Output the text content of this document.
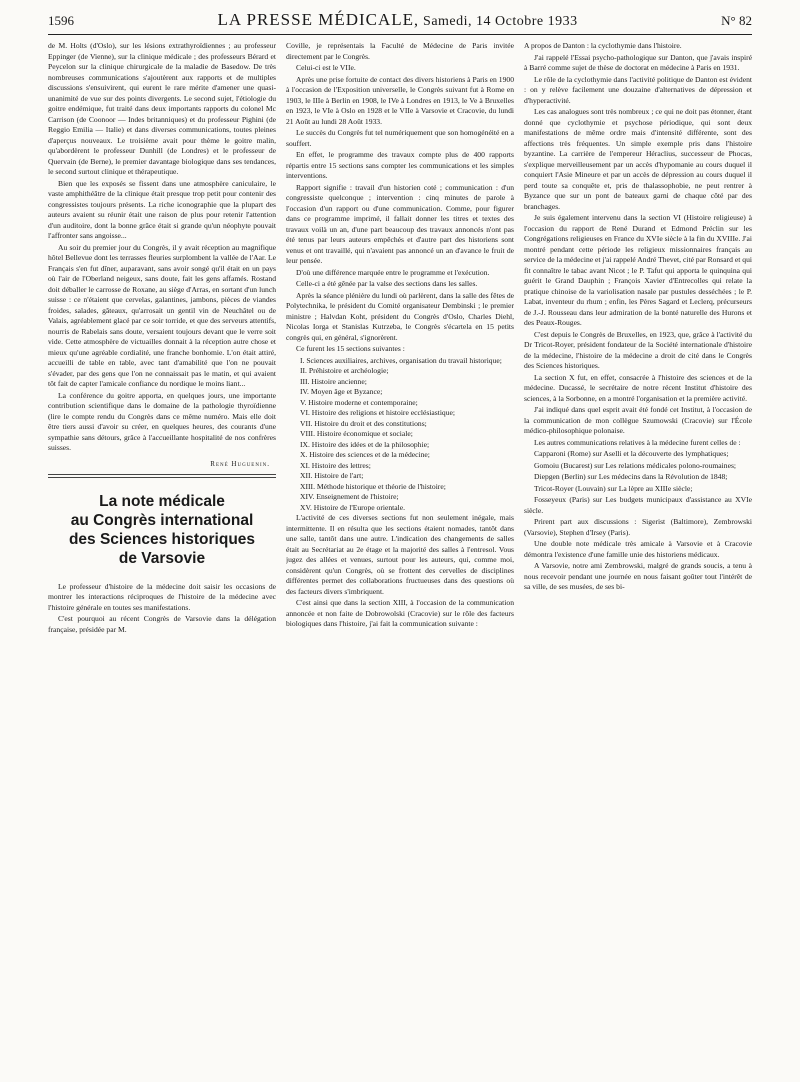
1596	LA PRESSE MÉDICALE, Samedi, 14 Octobre 1933	N° 82

de M. Holts (d'Oslo), sur les lésions extrathyroïdiennes ; au professeur Eppinger (de Vienne), sur la clinique médicale ; des professeurs Bérard et Peycelon sur la clinique chirurgicale de la maladie de Basedow. De très nombreuses communications s'ajoutèrent aux rapports et de multiples discussions s'ensuivirent, qui eurent le rare mérite d'amener une quasi-unanimité de vue sur des points divergents. Le second sujet, l'étiologie du goitre endémique, fut traité dans deux importants rapports du colonel Mc Carrison (de Coonoor — Indes britanniques) et du professeur Pighini (de Reggio Emilia — Italie) et dans diverses communications, toutes pleines d'aperçus nouveaux. Le troisième avait pour thème le goitre malin, qu'abordèrent le professeur Dunhill (de Londres) et le professeur de Quervain (de Berne), le premier davantage biologique dans ses tendances, le second surtout clinique et thérapeutique.

Bien que les exposés se fissent dans une atmosphère caniculaire, le vaste amphithéâtre de la clinique était presque trop petit pour contenir des congressistes toujours présents. La riche iconographie que la plupart des auteurs avaient su réunir était une raison de plus pour retenir l'attention d'un auditoire, dont la bonne grâce était si grande qu'un néophyte pouvait l'affronter sans angoisse...

Au soir du premier jour du Congrès, il y avait réception au magnifique hôtel Bellevue dont les terrasses fleuries surplombent la vallée de l'Aar. Le Français s'en fut dîner, auparavant, sans avoir songé qu'il était en un pays où l'air de l'Oberland neigeux, sans doute, fait les gens affamés. Rostand doit déballer le carrosse de Roxane, au siège d'Arras, en sortant d'un lunch suisse : ce n'étaient que cervelas, galantines, jambons, pièces de viandes froides, salades, gâteaux, qu'arrosait un gentil vin de Neuchâtel ou de Valais, agréablement glacé par ce soir torride, et que des serveurs attentifs, nourris de Rabelais sans doute, versaient toujours devant que le verre soit vide. Cette atmosphère de victuailles donnait à la réception autre chose et mieux qu'une agréable cordialité, une franche bonhomie. L'on était attiré, accueilli de table en table, avec tant d'amabilité que l'on ne pouvait s'évader, par des gens que l'on ne connaissait pas le matin, et qui avaient tôt fait de capter l'amicale confiance du nordique le moins liant...

La conférence du goitre apporta, en quelques jours, une importante contribution scientifique dans le domaine de la pathologie thyroïdienne (lire le compte rendu du Congrès dans ce même numéro. Mais elle doit être tiers aussi d'avoir su créer, en quelques heures, des courants d'une sympathie sans détours, grâce à l'accueillante hospitalité de nos confrères suisses.

René Huguenin.
La note médicale
au Congrès international
des Sciences historiques
de Varsovie

Le professeur d'histoire de la médecine doit saisir les occasions de montrer les interactions réciproques de l'histoire de la médecine avec l'histoire générale en toutes ses manifestations.

C'est pourquoi au récent Congrès de Varsovie dans la délégation française, présidée par M.

Coville, je représentais la Faculté de Médecine de Paris invitée directement par le Congrès.

Celui-ci est le VIIe.

Après une prise fortuite de contact des divers historiens à Paris en 1900 à l'occasion de l'Exposition universelle, le Congrès suivant fut à Rome en 1903, le IIIe à Berlin en 1908, le IVe à Londres en 1913, le Ve à Bruxelles en 1923, le VIe à Oslo en 1928 et le VIIe à Varsovie et Cracovie, du lundi 21 Août au lundi 28 Août 1933.

Le succès du Congrès fut tel numériquement que son homogénéité en a souffert.

En effet, le programme des travaux compte plus de 400 rapports répartis entre 15 sections sans compter les communications et les simples interventions.

Rapport signifie : travail d'un historien coté ; communication : d'un congressiste quelconque ; intervention : cinq minutes de parole à l'occasion d'un rapport ou d'une communication. Comme, pour figurer dans ce programme imprimé, il fallait donner les titres et textes des travaux voilà un an, d'une part beaucoup des travaux annoncés n'ont pas été tenus par leurs auteurs empêchés et d'autre part des historiens sont venus et ont travaillé, qui n'avaient pas annoncé un an d'avance le fruit de leur pensée.

D'où une différence marquée entre le programme et l'exécution.

Celle-ci a été gênée par la valse des sections dans les salles.

Après la séance plénière du lundi où parlèrent, dans la salle des fêtes de Polytechnika, le président du Comité organisateur Dembinski ; le premier ministre ; Halvdan Koht, président du Congrès d'Oslo, Charles Diehl, Nicolas Iorga et Stanislas Kutrzeba, le Congrès s'écartela en 15 petits congrès qui, en général, s'ignorèrent.

Ce furent les 15 sections suivantes :

I. Sciences auxiliaires, archives, organisation du travail historique;

II. Préhistoire et archéologie;

III. Histoire ancienne;

IV. Moyen âge et Byzance;

V. Histoire moderne et contemporaine;

VI. Histoire des religions et histoire ecclésiastique;

VII. Histoire du droit et des constitutions;

VIII. Histoire économique et sociale;

IX. Histoire des idées et de la philosophie;

X. Histoire des sciences et de la médecine;

XI. Histoire des lettres;

XII. Histoire de l'art;

XIII. Méthode historique et théorie de l'histoire;

XIV. Enseignement de l'histoire;

XV. Histoire de l'Europe orientale.

L'activité de ces diverses sections fut non seulement inégale, mais intermittente. Il en résulta que les sections étaient nomades, tantôt dans une salle, tantôt dans une autre. L'indication des changements de salles était au Secrétariat au 2e étage et la majorité des salles à l'entresol. Vous jugez des allées et venues, surtout pour les auteurs, qui, comme moi, considèrent qu'un Congrès, où se frottent des cervelles de disciplines différentes permet des collaborations fructueuses dans des questions où des facteurs divers s'imbriquent.

C'est ainsi que dans la section XIII, à l'occasion de la communication annoncée et non faite de Dobrowolski (Cracovie) sur le rôle des facteurs biologiques dans l'histoire, j'ai fait la communication suivante :

A propos de Danton : la cyclothymie dans l'histoire.

J'ai rappelé l'Essai psycho-pathologique sur Danton, que j'avais inspiré à Barré comme sujet de thèse de doctorat en médecine à Paris en 1931.

Le rôle de la cyclothymie dans l'activité politique de Danton est évident : on y relève facilement une douzaine d'alternatives de dépression et d'hyperactivité.

Les cas analogues sont très nombreux ; ce qui ne doit pas étonner, étant donné que cyclothymie et psychose périodique, qui sont deux manifestations de même ordre mais d'intensité différente, sont des affections très fréquentes. Un simple exemple pris dans l'histoire byzantine. La carrière de l'empereur Héraclius, successeur de Phocas, s'explique merveilleusement par un accès d'hypomanie au cours duquel il conquiert l'Asie Mineure et par un accès de dépression au cours duquel il perd toute sa conquête et, pris de thalassophobie, ne peut rentrer à Byzance que sur un pont de bateaux garni de chaque côté par des branchages.

Je suis également intervenu dans la section VI (Histoire religieuse) à l'occasion du rapport de René Durand et Edmond Préclin sur les Congrégations religieuses en France du XVIe siècle à la fin du XVIIIe. J'ai montré pendant cette période les religieux missionnaires français au service de la médecine et j'ai rappelé André Thevet, cité par Ronsard et qui fit connaître le tabac avant Nicot ; le P. Tafut qui apporta le quinquina qui guérit le Grand Dauphin ; François Xavier d'Entrecolles qui relate la pratique chinoise de la variolisation nasale par pustules desséchées ; le P. Labat, inventeur du rhum ; enfin, les Pères Sagard et Leclerq, précurseurs de J.-J. Rousseau dans leur admiration de la bonté naturelle des Hurons et des Peaux-Rouges.

C'est depuis le Congrès de Bruxelles, en 1923, que, grâce à l'activité du Dr Tricot-Royer, président fondateur de la Société internationale d'histoire de la médecine, l'histoire de la médecine a droit de cité dans le Congrès des Sciences historiques.

La section X fut, en effet, consacrée à l'histoire des sciences et de la médecine. Ducassé, le secrétaire de notre récent Institut d'histoire des sciences, à la Sorbonne, en a montré l'organisation et la première activité.

J'ai indiqué dans quel esprit avait été fondé cet Institut, à l'occasion de la communication de mon collègue Szumowski (Cracovie) sur l'École médico-philosophique polonaise.

Les autres communications relatives à la médecine furent celles de :

Capparoni (Rome) sur Aselli et la découverte des lymphatiques;

Gomoiu (Bucarest) sur Les relations médicales polono-roumaines;

Diepgen (Berlin) sur Les médecins dans la Révolution de 1848;

Tricot-Royer (Louvain) sur La lèpre au XIIIe siècle;

Fosseyeux (Paris) sur Les budgets municipaux d'assistance au XVIe siècle.

Prirent part aux discussions : Sigerist (Baltimore), Zembrowski (Varsovie), Stephen d'Irsey (Paris).

Une double note médicale très amicale à Varsovie et à Cracovie démontra l'existence d'une famille unie des historiens médicaux.

A Varsovie, notre ami Zembrowski, malgré de grands soucis, a tenu à nous recevoir pendant une journée en nous faisant goûter tout l'intérêt de sa ville, de ses musées, de ses bi-
